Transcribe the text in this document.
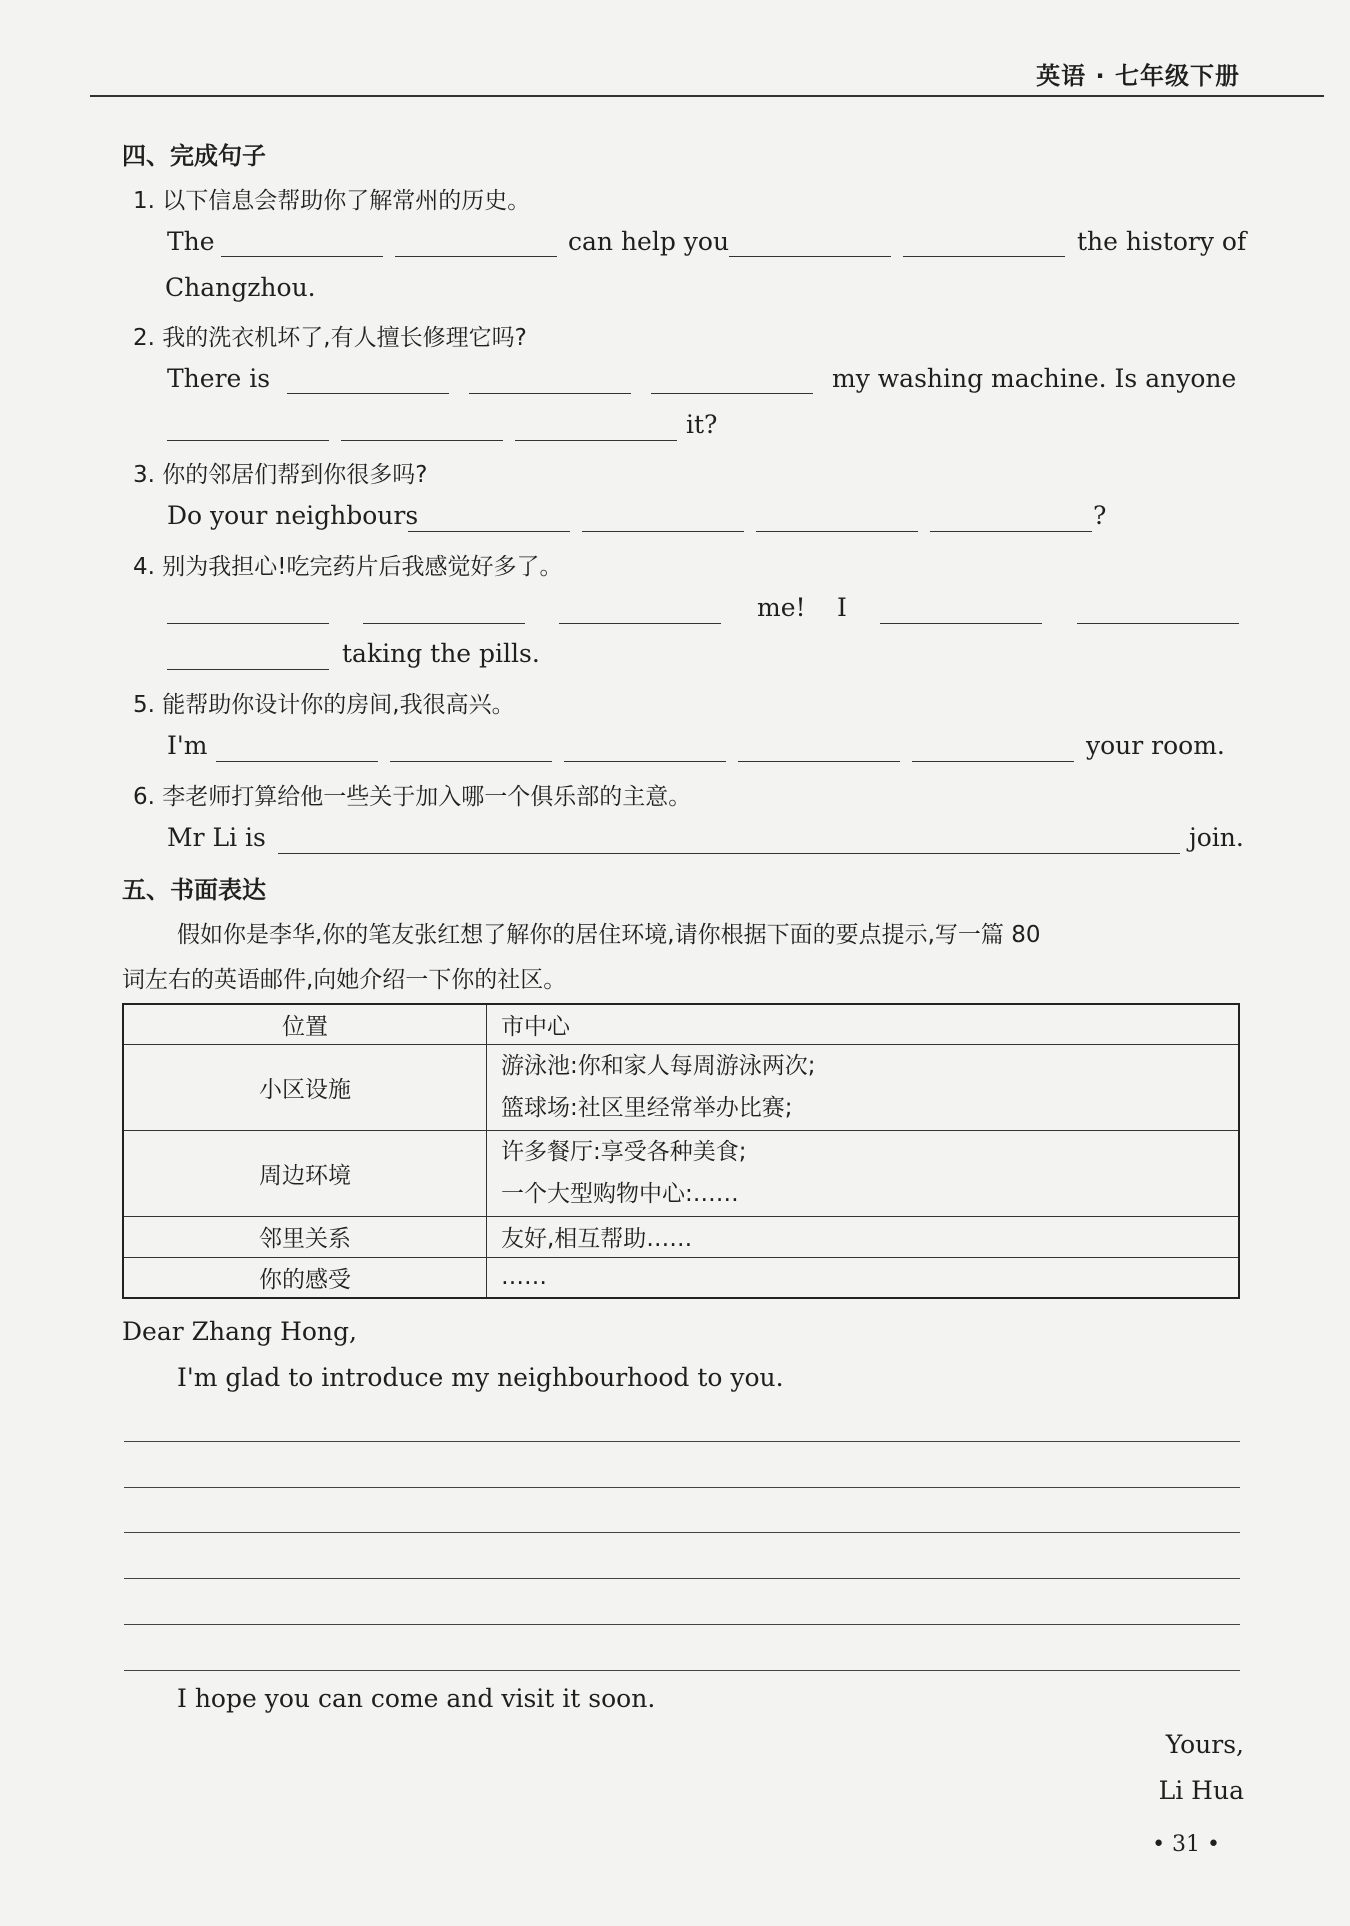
英语 · 七年级下册
四、完成句子
1. 以下信息会帮助你了解常州的历史。
The	can help you	the history of
Changzhou.
2. 我的洗衣机坏了,有人擅长修理它吗?
There is	my washing machine. Is anyone
it?
3. 你的邻居们帮到你很多吗?
Do your neighbours	?
4. 别为我担心!吃完药片后我感觉好多了。
me! I
taking the pills.
5. 能帮助你设计你的房间,我很高兴。
I'm	your room.
6. 李老师打算给他一些关于加入哪一个俱乐部的主意。
Mr Li is	join.
五、书面表达
假如你是李华,你的笔友张红想了解你的居住环境,请你根据下面的要点提示,写一篇 80
词左右的英语邮件,向她介绍一下你的社区。
位置	市中心
小区设施	游泳池:你和家人每周游泳两次;
篮球场:社区里经常举办比赛;

周边环境	许多餐厅:享受各种美食;
一个大型购物中心:……

邻里关系	友好,相互帮助……
你的感受	……
Dear Zhang Hong,
I'm glad to introduce my neighbourhood to you.
I hope you can come and visit it soon.
Yours,
Li Hua
• 31 •
